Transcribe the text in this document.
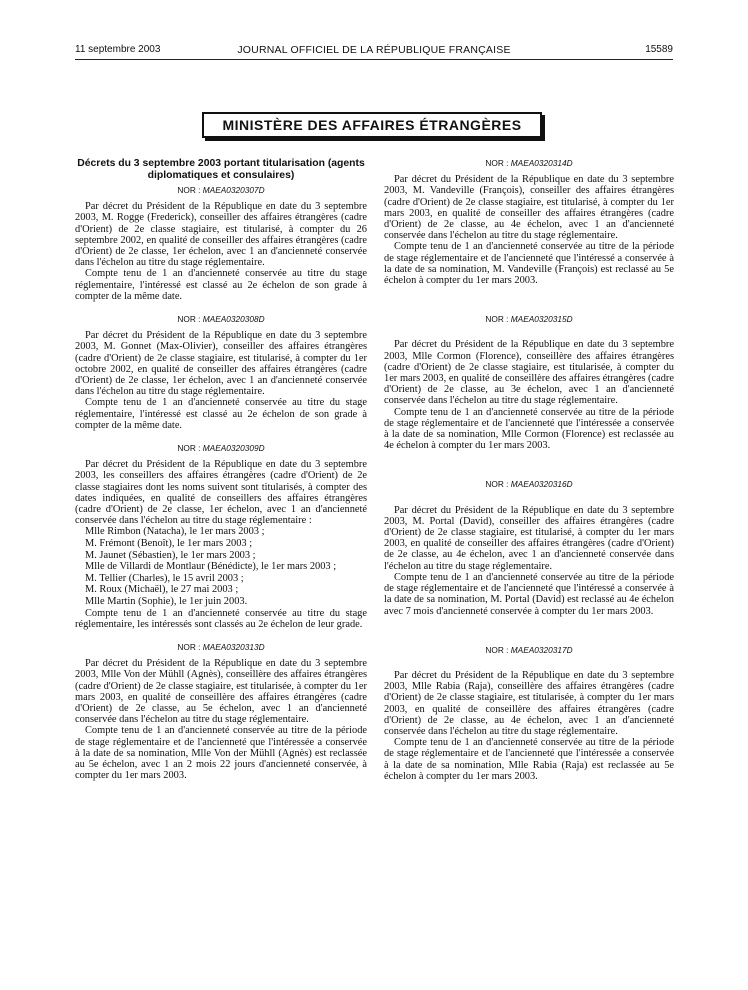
11 septembre 2003	JOURNAL OFFICIEL DE LA RÉPUBLIQUE FRANÇAISE	15589
MINISTÈRE DES AFFAIRES ÉTRANGÈRES
Décrets du 3 septembre 2003 portant titularisation (agents diplomatiques et consulaires)
NOR : MAEA0320307D

Par décret du Président de la République en date du 3 septembre 2003, M. Rogge (Frederick), conseiller des affaires étrangères (cadre d'Orient) de 2e classe stagiaire, est titularisé, à compter du 26 septembre 2002, en qualité de conseiller des affaires étrangères (cadre d'Orient) de 2e classe, 1er échelon, avec 1 an d'ancienneté conservée dans l'échelon au titre du stage réglementaire.

Compte tenu de 1 an d'ancienneté conservée au titre du stage réglementaire, l'intéressé est classé au 2e échelon de son grade à compter de la même date.

NOR : MAEA0320308D

Par décret du Président de la République en date du 3 septembre 2003, M. Gonnet (Max-Olivier), conseiller des affaires étrangères (cadre d'Orient) de 2e classe stagiaire, est titularisé, à compter du 1er octobre 2002, en qualité de conseiller des affaires étrangères (cadre d'Orient) de 2e classe, 1er échelon, avec 1 an d'ancienneté conservée dans l'échelon au titre du stage réglementaire.

Compte tenu de 1 an d'ancienneté conservée au titre du stage réglementaire, l'intéressé est classé au 2e échelon de son grade à compter de la même date.

NOR : MAEA0320309D

Par décret du Président de la République en date du 3 septembre 2003, les conseillers des affaires étrangères (cadre d'Orient) de 2e classe stagiaires dont les noms suivent sont titularisés, à compter des dates indiquées, en qualité de conseillers des affaires étrangères (cadre d'Orient) de 2e classe, 1er échelon, avec 1 an d'ancienneté conservée dans l'échelon au titre du stage réglementaire :

Mlle Rimbon (Natacha), le 1er mars 2003 ;
M. Frémont (Benoît), le 1er mars 2003 ;
M. Jaunet (Sébastien), le 1er mars 2003 ;
Mlle de Villardi de Montlaur (Bénédicte), le 1er mars 2003 ;
M. Tellier (Charles), le 15 avril 2003 ;
M. Roux (Michaël), le 27 mai 2003 ;
Mlle Martin (Sophie), le 1er juin 2003.

Compte tenu de 1 an d'ancienneté conservée au titre du stage réglementaire, les intéressés sont classés au 2e échelon de leur grade.

NOR : MAEA0320313D

Par décret du Président de la République en date du 3 septembre 2003, Mlle Von der Mühll (Agnès), conseillère des affaires étrangères (cadre d'Orient) de 2e classe stagiaire, est titularisée, à compter du 1er mars 2003, en qualité de conseillère des affaires étrangères (cadre d'Orient) de 2e classe, au 5e échelon, avec 1 an d'ancienneté conservée dans l'échelon au titre du stage réglementaire.

Compte tenu de 1 an d'ancienneté conservée au titre de la période de stage réglementaire et de l'ancienneté que l'intéressée a conservée à la date de sa nomination, Mlle Von der Mühll (Agnès) est reclassée au 5e échelon, avec 1 an 2 mois 22 jours d'ancienneté conservée, à compter du 1er mars 2003.

NOR : MAEA0320314D

Par décret du Président de la République en date du 3 septembre 2003, M. Vandeville (François), conseiller des affaires étrangères (cadre d'Orient) de 2e classe stagiaire, est titularisé, à compter du 1er mars 2003, en qualité de conseiller des affaires étrangères (cadre d'Orient) de 2e classe, au 4e échelon, avec 1 an d'ancienneté conservée dans l'échelon au titre du stage réglementaire.

Compte tenu de 1 an d'ancienneté conservée au titre de la période de stage réglementaire et de l'ancienneté que l'intéressé a conservée à la date de sa nomination, M. Vandeville (François) est reclassé au 5e échelon à compter du 1er mars 2003.

NOR : MAEA0320315D

Par décret du Président de la République en date du 3 septembre 2003, Mlle Cormon (Florence), conseillère des affaires étrangères (cadre d'Orient) de 2e classe stagiaire, est titularisée, à compter du 1er mars 2003, en qualité de conseillère des affaires étrangères (cadre d'Orient) de 2e classe, au 3e échelon, avec 1 an d'ancienneté conservée dans l'échelon au titre du stage réglementaire.

Compte tenu de 1 an d'ancienneté conservée au titre de la période de stage réglementaire et de l'ancienneté que l'intéressée a conservée à la date de sa nomination, Mlle Cormon (Florence) est reclassée au 4e échelon à compter du 1er mars 2003.

NOR : MAEA0320316D

Par décret du Président de la République en date du 3 septembre 2003, M. Portal (David), conseiller des affaires étrangères (cadre d'Orient) de 2e classe stagiaire, est titularisé, à compter du 1er mars 2003, en qualité de conseiller des affaires étrangères (cadre d'Orient) de 2e classe, au 4e échelon, avec 1 an d'ancienneté conservée dans l'échelon au titre du stage réglementaire.

Compte tenu de 1 an d'ancienneté conservée au titre de la période de stage réglementaire et de l'ancienneté que l'intéressé a conservée à la date de sa nomination, M. Portal (David) est reclassé au 4e échelon avec 7 mois d'ancienneté conservée à compter du 1er mars 2003.

NOR : MAEA0320317D

Par décret du Président de la République en date du 3 septembre 2003, Mlle Rabia (Raja), conseillère des affaires étrangères (cadre d'Orient) de 2e classe stagiaire, est titularisée, à compter du 1er mars 2003, en qualité de conseillère des affaires étrangères (cadre d'Orient) de 2e classe, au 4e échelon, avec 1 an d'ancienneté conservée dans l'échelon au titre du stage réglementaire.

Compte tenu de 1 an d'ancienneté conservée au titre de la période de stage réglementaire et de l'ancienneté que l'intéressée a conservée à la date de sa nomination, Mlle Rabia (Raja) est reclassée au 5e échelon à compter du 1er mars 2003.
